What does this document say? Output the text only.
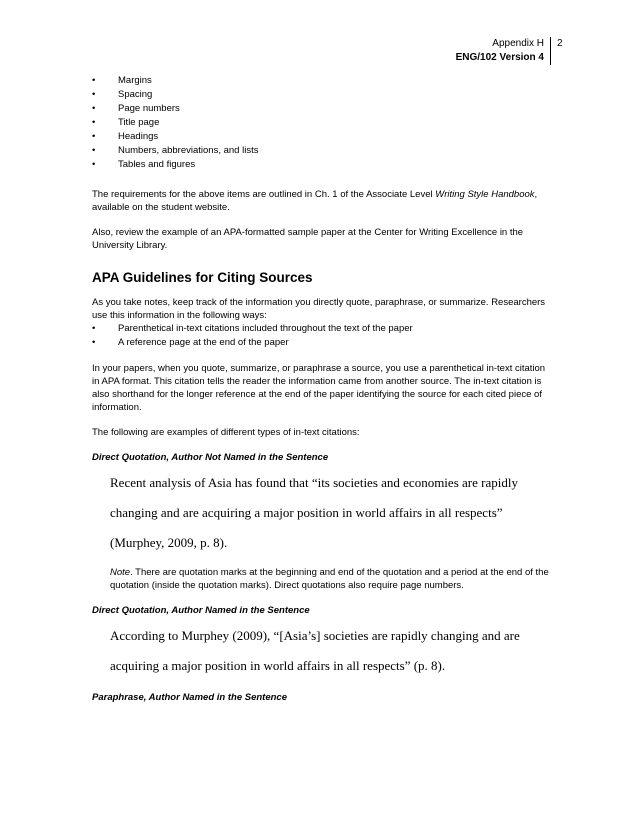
Appendix H
ENG/102 Version 4
2
• Margins
• Spacing
• Page numbers
• Title page
• Headings
• Numbers, abbreviations, and lists
• Tables and figures

The requirements for the above items are outlined in Ch. 1 of the Associate Level Writing Style Handbook, available on the student website.

Also, review the example of an APA-formatted sample paper at the Center for Writing Excellence in the University Library.

APA Guidelines for Citing Sources

As you take notes, keep track of the information you directly quote, paraphrase, or summarize. Researchers use this information in the following ways:

• Parenthetical in-text citations included throughout the text of the paper
• A reference page at the end of the paper

In your papers, when you quote, summarize, or paraphrase a source, you use a parenthetical in-text citation in APA format. This citation tells the reader the information came from another source. The in-text citation is also shorthand for the longer reference at the end of the paper identifying the source for each cited piece of information.

The following are examples of different types of in-text citations:

Direct Quotation, Author Not Named in the Sentence

Recent analysis of Asia has found that “its societies and economies are rapidly changing and are acquiring a major position in world affairs in all respects” (Murphey, 2009, p. 8).

Note. There are quotation marks at the beginning and end of the quotation and a period at the end of the quotation (inside the quotation marks). Direct quotations also require page numbers.

Direct Quotation, Author Named in the Sentence

According to Murphey (2009), “[Asia’s] societies are rapidly changing and are acquiring a major position in world affairs in all respects” (p. 8).

Paraphrase, Author Named in the Sentence
